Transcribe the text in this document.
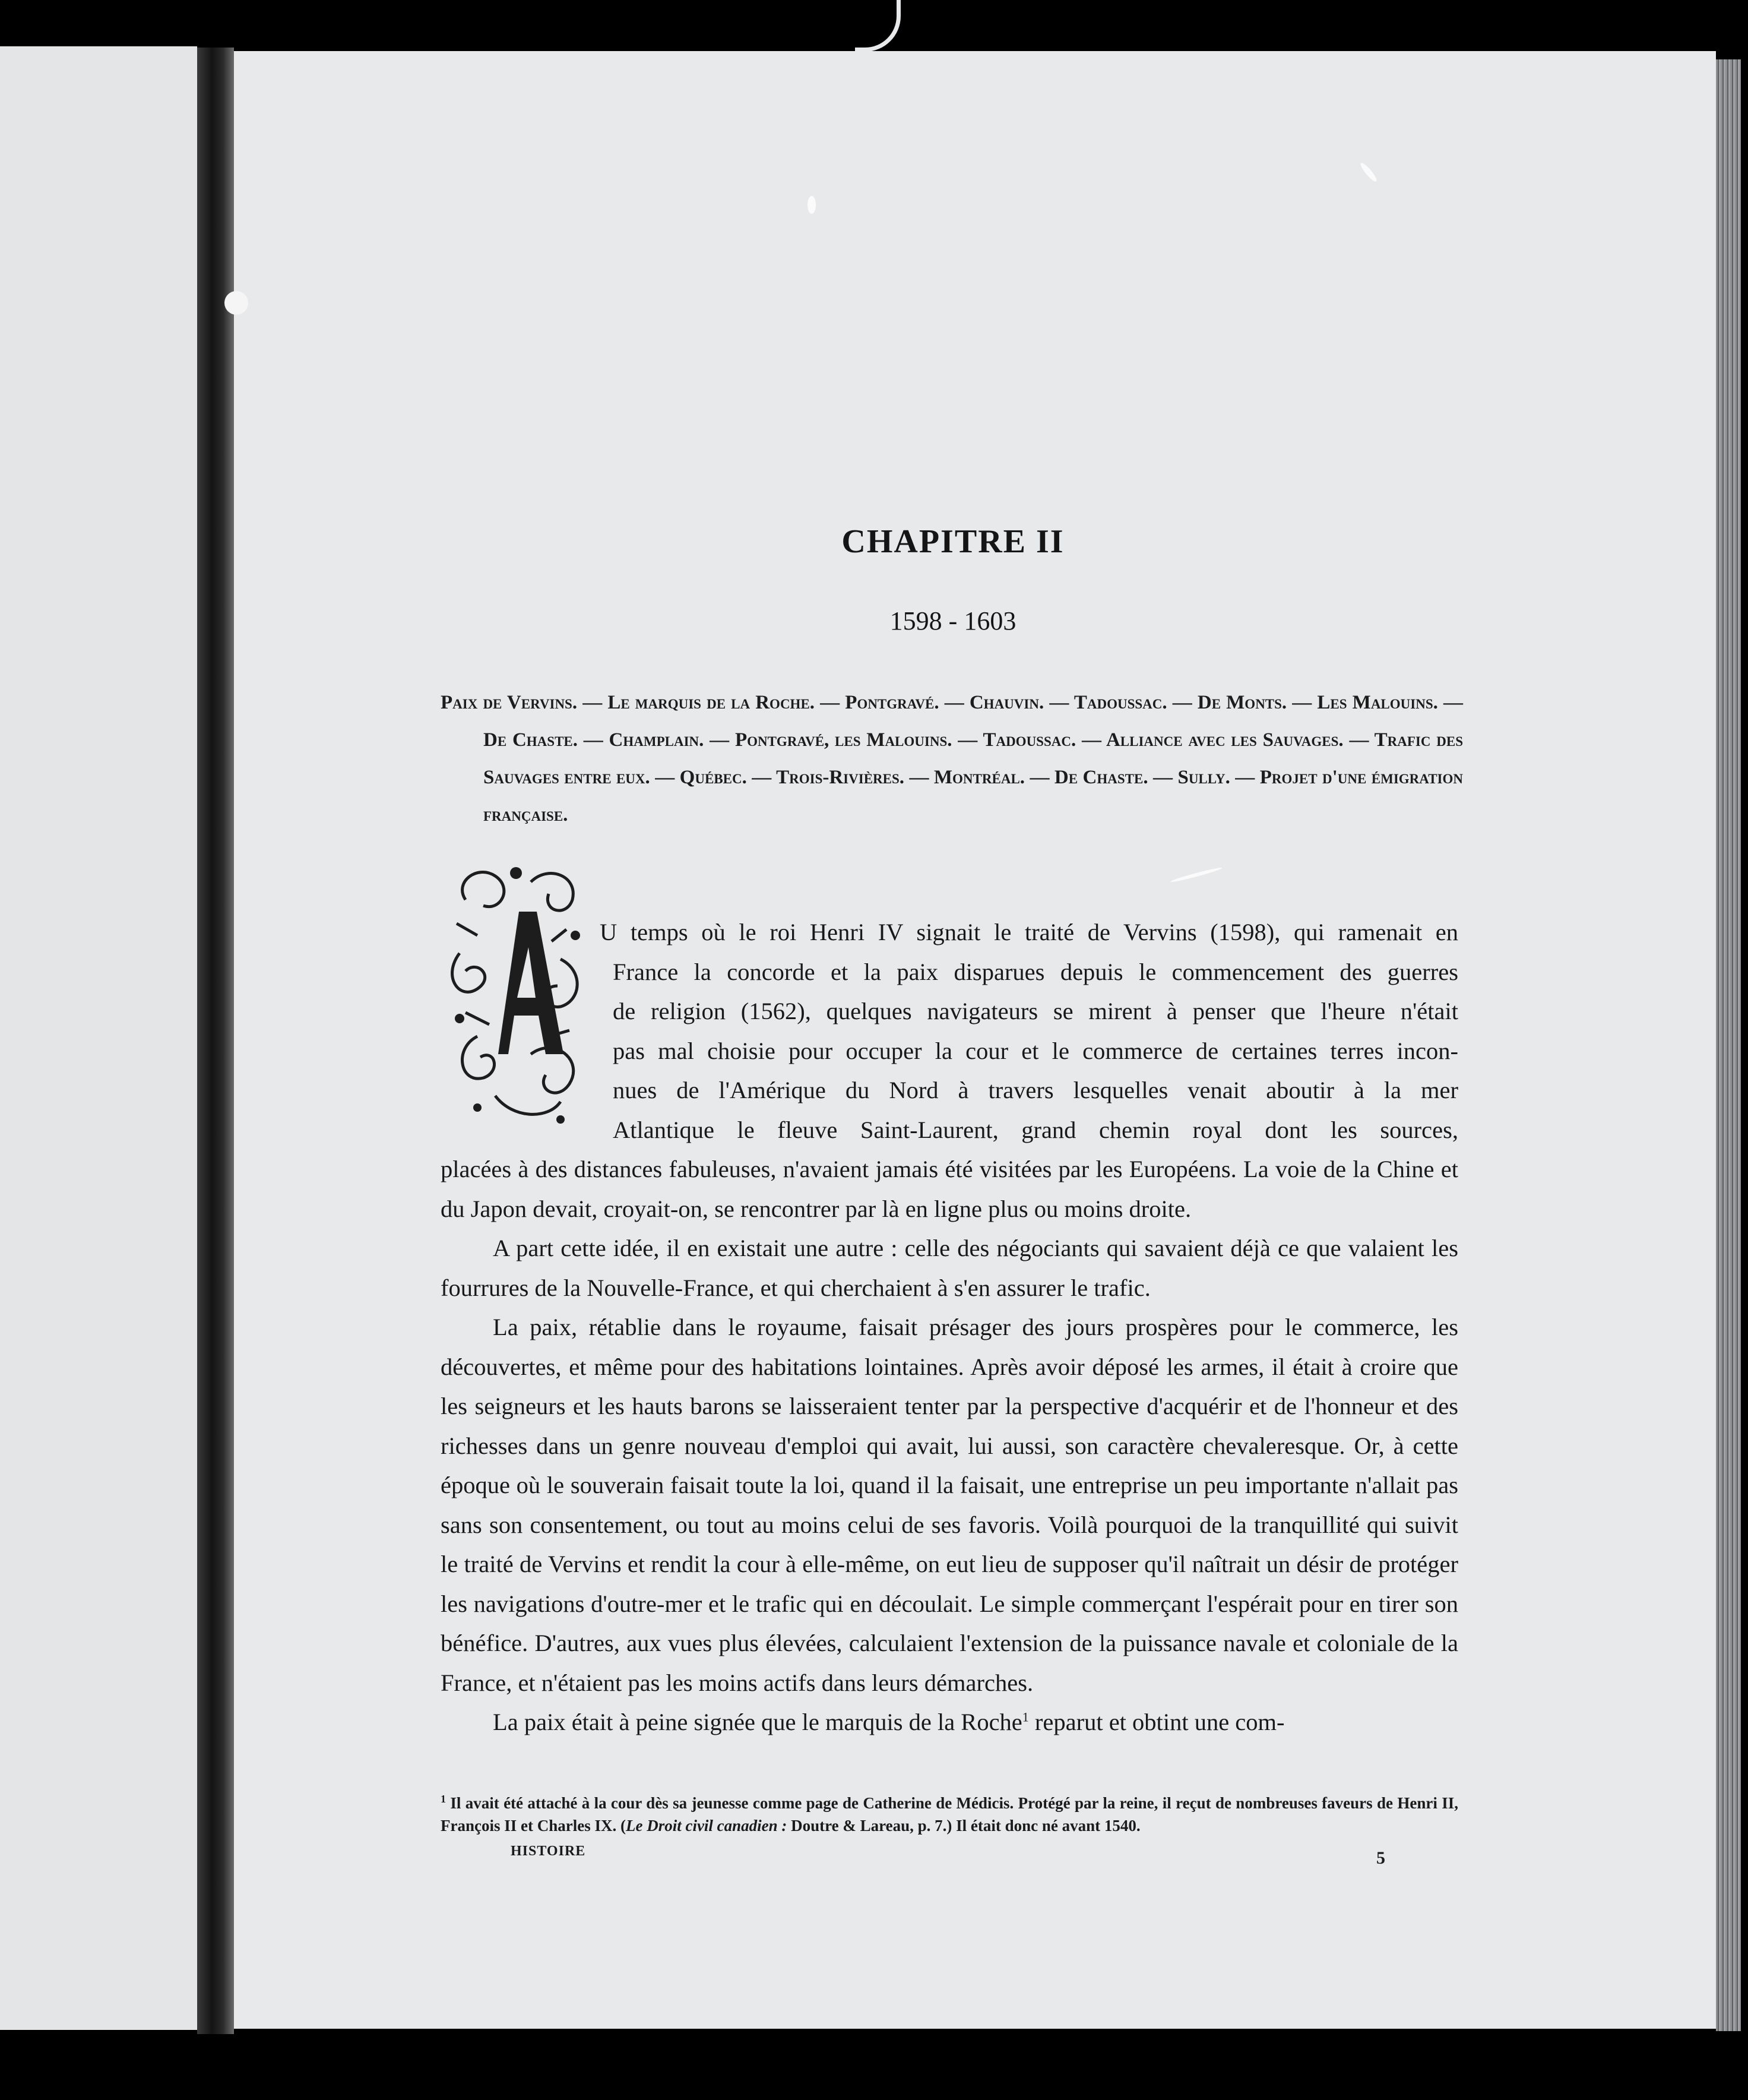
CHAPITRE II
1598 - 1603
Paix de Vervins. — Le marquis de la Roche. — Pontgravé. — Chauvin. — Tadoussac. — De Monts. — Les Malouins. — De Chaste. — Champlain. — Pontgravé, les Malouins. — Tadoussac. — Alliance avec les Sauvages. — Trafic des Sauvages entre eux. — Québec. — Trois-Rivières. — Montréal. — De Chaste. — Sully. — Projet d'une émigration française.
U temps où le roi Henri IV signait le traité de Vervins (1598), qui ramenait en
France la concorde et la paix disparues depuis le commencement des guerres
de religion (1562), quelques navigateurs se mirent à penser que l'heure n'était
pas mal choisie pour occuper la cour et le commerce de certaines terres incon-
nues de l'Amérique du Nord à travers lesquelles venait aboutir à la mer
Atlantique le fleuve Saint-Laurent, grand chemin royal dont les sources,

placées à des distances fabuleuses, n'avaient jamais été visitées par les Européens. La voie de la Chine et du Japon devait, croyait-on, se rencontrer par là en ligne plus ou moins droite.

A part cette idée, il en existait une autre : celle des négociants qui savaient déjà ce que valaient les fourrures de la Nouvelle-France, et qui cherchaient à s'en assurer le trafic.

La paix, rétablie dans le royaume, faisait présager des jours prospères pour le commerce, les découvertes, et même pour des habitations lointaines. Après avoir déposé les armes, il était à croire que les seigneurs et les hauts barons se laisseraient tenter par la perspective d'acquérir et de l'honneur et des richesses dans un genre nouveau d'emploi qui avait, lui aussi, son caractère chevaleresque. Or, à cette époque où le souverain faisait toute la loi, quand il la faisait, une entreprise un peu importante n'allait pas sans son consentement, ou tout au moins celui de ses favoris. Voilà pourquoi de la tranquillité qui suivit le traité de Vervins et rendit la cour à elle-même, on eut lieu de supposer qu'il naîtrait un désir de protéger les navigations d'outre-mer et le trafic qui en découlait. Le simple commerçant l'espérait pour en tirer son bénéfice. D'autres, aux vues plus élevées, calculaient l'extension de la puissance navale et coloniale de la France, et n'étaient pas les moins actifs dans leurs démarches.

La paix était à peine signée que le marquis de la Roche$^1$ reparut et obtint une com-

$^1$ Il avait été attaché à la cour dès sa jeunesse comme page de Catherine de Médicis. Protégé par la reine, il reçut de nombreuses faveurs de Henri II, François II et Charles IX. (Le Droit civil canadien : Doutre & Lareau, p. 7.) Il était donc né avant 1540.
HISTOIRE	5
